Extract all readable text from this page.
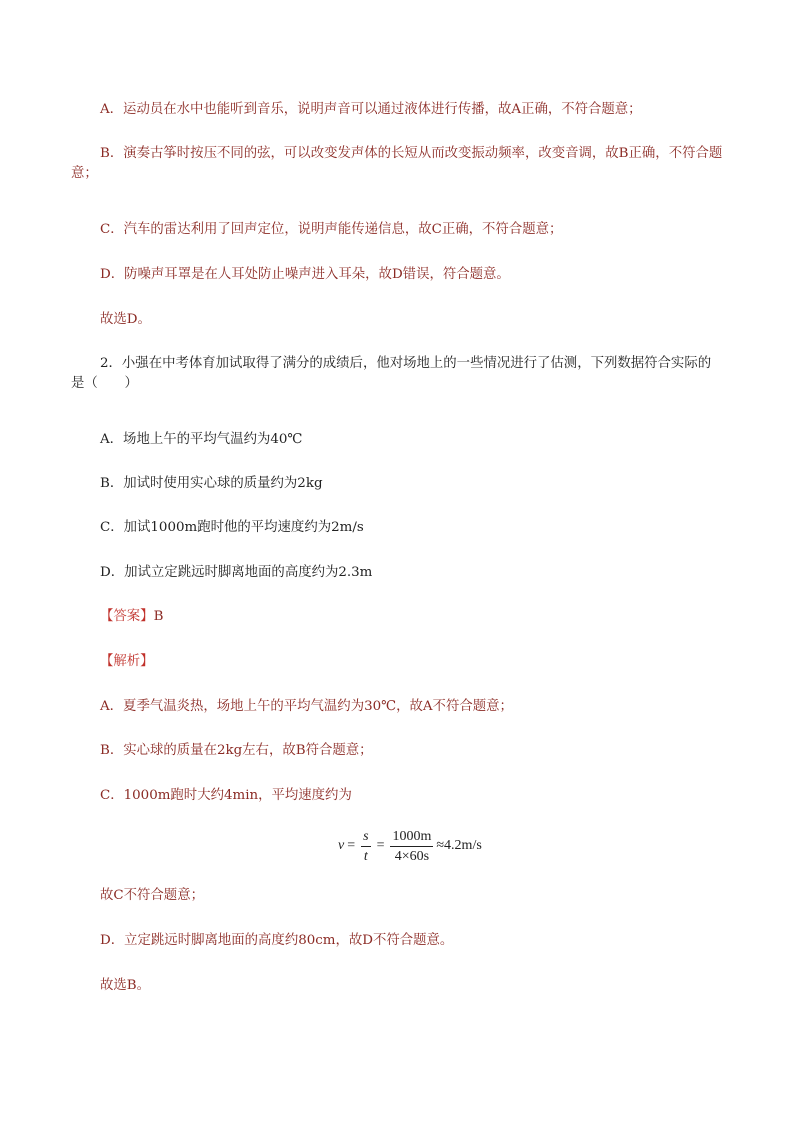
A．运动员在水中也能听到音乐，说明声音可以通过液体进行传播，故A正确，不符合题意；
B．演奏古筝时按压不同的弦，可以改变发声体的长短从而改变振动频率，改变音调，故B正确，不符合题意；
C．汽车的雷达利用了回声定位，说明声能传递信息，故C正确，不符合题意；
D．防噪声耳罩是在人耳处防止噪声进入耳朵，故D错误，符合题意。
故选D。
2．小强在中考体育加试取得了满分的成绩后，他对场地上的一些情况进行了估测，下列数据符合实际的是（　　）
A．场地上午的平均气温约为40℃
B．加试时使用实心球的质量约为2kg
C．加试1000m跑时他的平均速度约为2m/s
D．加试立定跳远时脚离地面的高度约为2.3m
【答案】B
【解析】
A．夏季气温炎热，场地上午的平均气温约为30℃，故A不符合题意；
B．实心球的质量在2kg左右，故B符合题意；
C．1000m跑时大约4min，平均速度约为
$v = \frac{s}{t} = \frac{1000m}{4\times 60s} \approx 4.2m/s$
故C不符合题意；
D．立定跳远时脚离地面的高度约80cm，故D不符合题意。
故选B。
